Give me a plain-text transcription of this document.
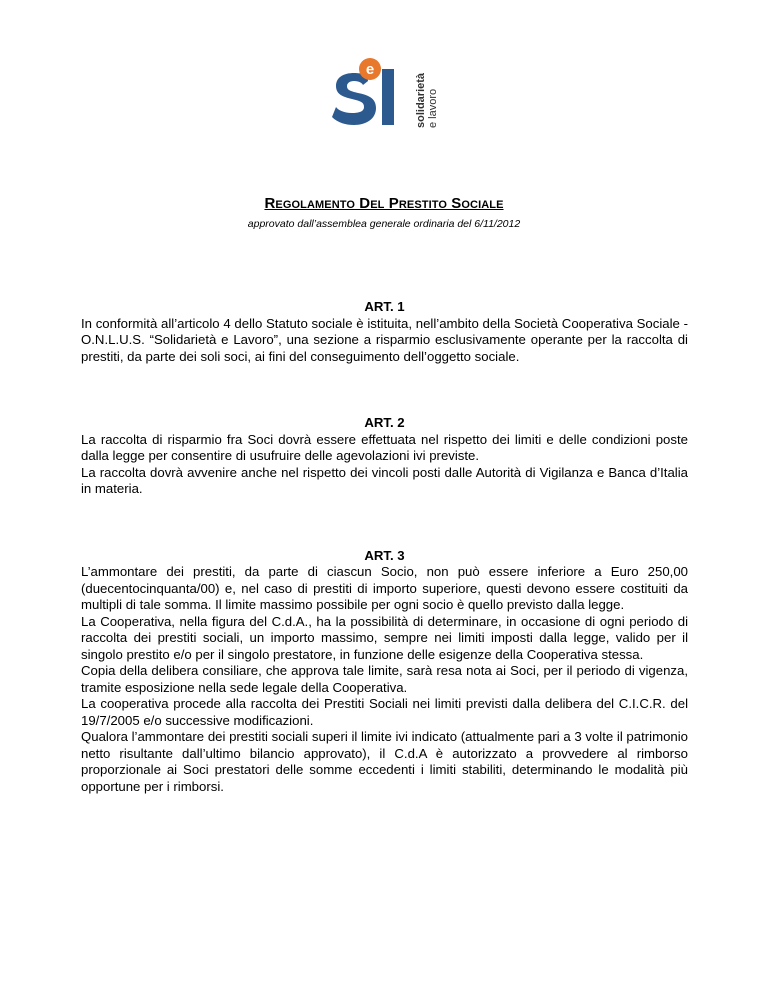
e
solidarietà e lavoro
Regolamento Del Prestito Sociale
approvato dall’assemblea generale ordinaria del 6/11/2012

ART. 1

In conformità all’articolo 4 dello Statuto sociale è istituita, nell’ambito della Società Cooperativa Sociale - O.N.L.U.S. “Solidarietà e Lavoro”, una sezione a risparmio esclusivamente operante per la raccolta di prestiti, da parte dei soli soci, ai fini del conseguimento dell’oggetto sociale.

ART. 2

La raccolta di risparmio fra Soci dovrà essere effettuata nel rispetto dei limiti e delle condizioni poste dalla legge per consentire di usufruire delle agevolazioni ivi previste.

La raccolta dovrà avvenire anche nel rispetto dei vincoli posti dalle Autorità di Vigilanza e Banca d’Italia in materia.

ART. 3

L’ammontare dei prestiti, da parte di ciascun Socio, non può essere inferiore a Euro 250,00 (duecentocinquanta/00) e, nel caso di prestiti di importo superiore, questi devono essere costituiti da multipli di tale somma. Il limite massimo possibile per ogni socio è quello previsto dalla legge.

La Cooperativa, nella figura del C.d.A., ha la possibilità di determinare, in occasione di ogni periodo di raccolta dei prestiti sociali, un importo massimo, sempre nei limiti imposti dalla legge, valido per il singolo prestito e/o per il singolo prestatore, in funzione delle esigenze della Cooperativa stessa.

Copia della delibera consiliare, che approva tale limite, sarà resa nota ai Soci, per il periodo di vigenza, tramite esposizione nella sede legale della Cooperativa.

La cooperativa procede alla raccolta dei Prestiti Sociali nei limiti previsti dalla delibera del C.I.C.R. del 19/7/2005 e/o successive modificazioni.

Qualora l’ammontare dei prestiti sociali superi il limite ivi indicato (attualmente pari a 3 volte il patrimonio netto risultante dall’ultimo bilancio approvato), il C.d.A è autorizzato a provvedere al rimborso proporzionale ai Soci prestatori delle somme eccedenti i limiti stabiliti, determinando le modalità più opportune per i rimborsi.
